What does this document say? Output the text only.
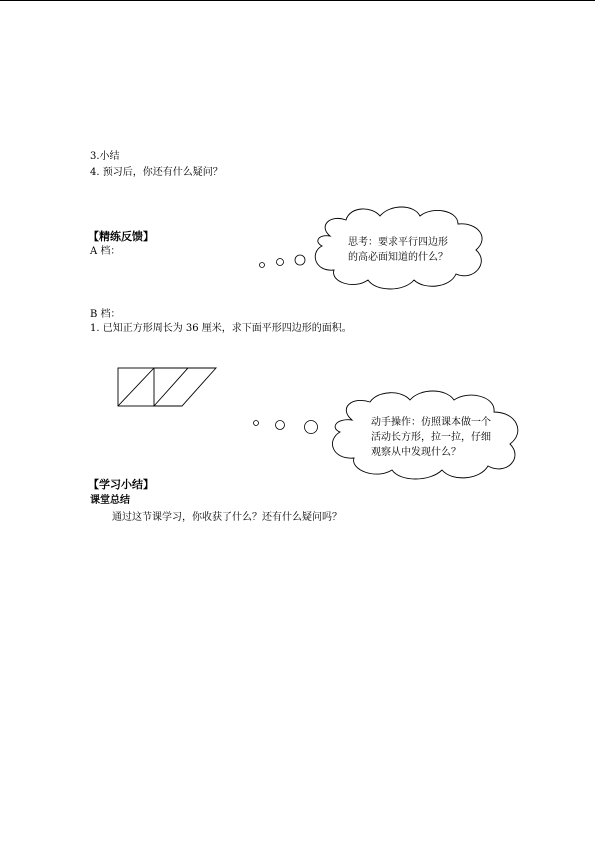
3.小结
4. 预习后，你还有什么疑问？
【精练反馈】
A 档：
思考：要求平行四边形
的高必面知道的什么？
B 档：
1. 已知正方形周长为 36 厘米，求下面平形四边形的面积。
动手操作：仿照课本做一个
活动长方形，拉一拉，仔细
观察从中发现什么？
【学习小结】
课堂总结
通过这节课学习，你收获了什么？还有什么疑问吗？
